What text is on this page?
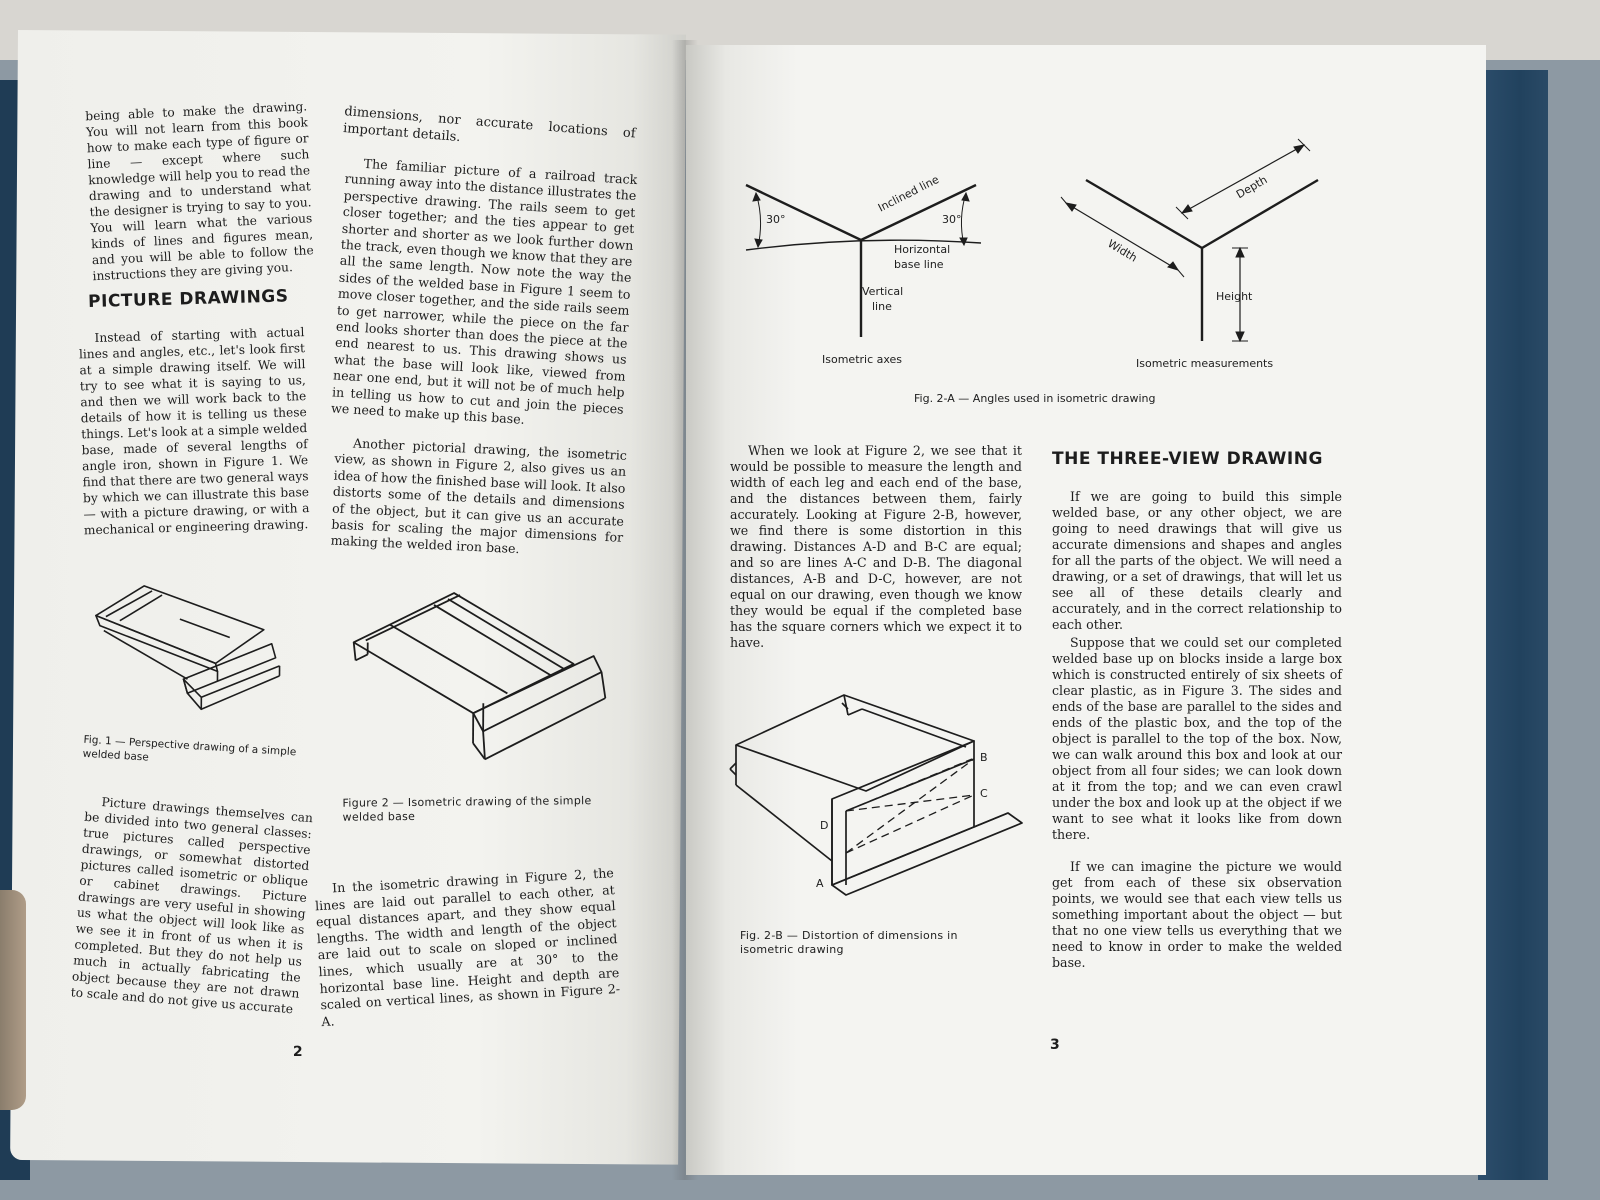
being able to make the drawing. You will not learn from this book how to make each type of figure or line — except where such knowledge will help you to read the drawing and to understand what the designer is trying to say to you. You will learn what the various kinds of lines and figures mean, and you will be able to follow the instructions they are giving you.

PICTURE DRAWINGS

Instead of starting with actual lines and angles, etc., let's look first at a simple drawing itself. We will try to see what it is saying to us, and then we will work back to the details of how it is telling us these things. Let's look at a simple welded base, made of several lengths of angle iron, shown in Figure 1. We find that there are two general ways by which we can illustrate this base — with a picture drawing, or with a mechanical or engineering drawing.

Fig. 1 — Perspective drawing of a simple welded base

Picture drawings themselves can be divided into two general classes: true pictures called perspective drawings, or somewhat distorted pictures called isometric or oblique or cabinet drawings. Picture drawings are very useful in showing us what the object will look like as we see it in front of us when it is completed. But they do not help us much in actually fabricating the object because they are not drawn to scale and do not give us accurate

dimensions, nor accurate locations of important details.

The familiar picture of a railroad track running away into the distance illustrates the perspective drawing. The rails seem to get closer together; and the ties appear to get shorter and shorter as we look further down the track, even though we know that they are all the same length. Now note the way the sides of the welded base in Figure 1 seem to move closer together, and the side rails seem to get narrower, while the piece on the far end looks shorter than does the piece at the end nearest to us. This drawing shows us what the base will look like, viewed from near one end, but it will not be of much help in telling us how to cut and join the pieces we need to make up this base.

Another pictorial drawing, the isometric view, as shown in Figure 2, also gives us an idea of how the finished base will look. It also distorts some of the details and dimensions of the object, but it can give us an accurate basis for scaling the major dimensions for making the welded iron base.

Figure 2 — Isometric drawing of the simple welded base

In the isometric drawing in Figure 2, the lines are laid out parallel to each other, at equal distances apart, and they show equal lengths. The width and length of the object are laid out to scale on sloped or inclined lines, which usually are at 30° to the horizontal base line. Height and depth are scaled on vertical lines, as shown in Figure 2-A.

2
30°	30°
Inclined line
Horizontal
base line
Vertical
line
Isometric axes
Depth
Width
Height
Isometric measurements
Fig. 2-A — Angles used in isometric drawing

When we look at Figure 2, we see that it would be possible to measure the length and width of each leg and each end of the base, and the distances between them, fairly accurately. Looking at Figure 2-B, however, we find there is some distortion in this drawing. Distances A-D and B-C are equal; and so are lines A-C and D-B. The diagonal distances, A-B and D-C, however, are not equal on our drawing, even though we know they would be equal if the completed base has the square corners which we expect it to have.

B
C
D
A
Fig. 2-B — Distortion of dimensions in isometric drawing
THE THREE-VIEW DRAWING

If we are going to build this simple welded base, or any other object, we are going to need drawings that will give us accurate dimensions and shapes and angles for all the parts of the object. We will need a drawing, or a set of drawings, that will let us see all of these details clearly and accurately, and in the correct relationship to each other.

Suppose that we could set our completed welded base up on blocks inside a large box which is constructed entirely of six sheets of clear plastic, as in Figure 3. The sides and ends of the base are parallel to the sides and ends of the plastic box, and the top of the object is parallel to the top of the box. Now, we can walk around this box and look at our object from all four sides; we can look down at it from the top; and we can even crawl under the box and look up at the object if we want to see what it looks like from down there.

If we can imagine the picture we would get from each of these six observation points, we would see that each view tells us something important about the object — but that no one view tells us everything that we need to know in order to make the welded base.

3
